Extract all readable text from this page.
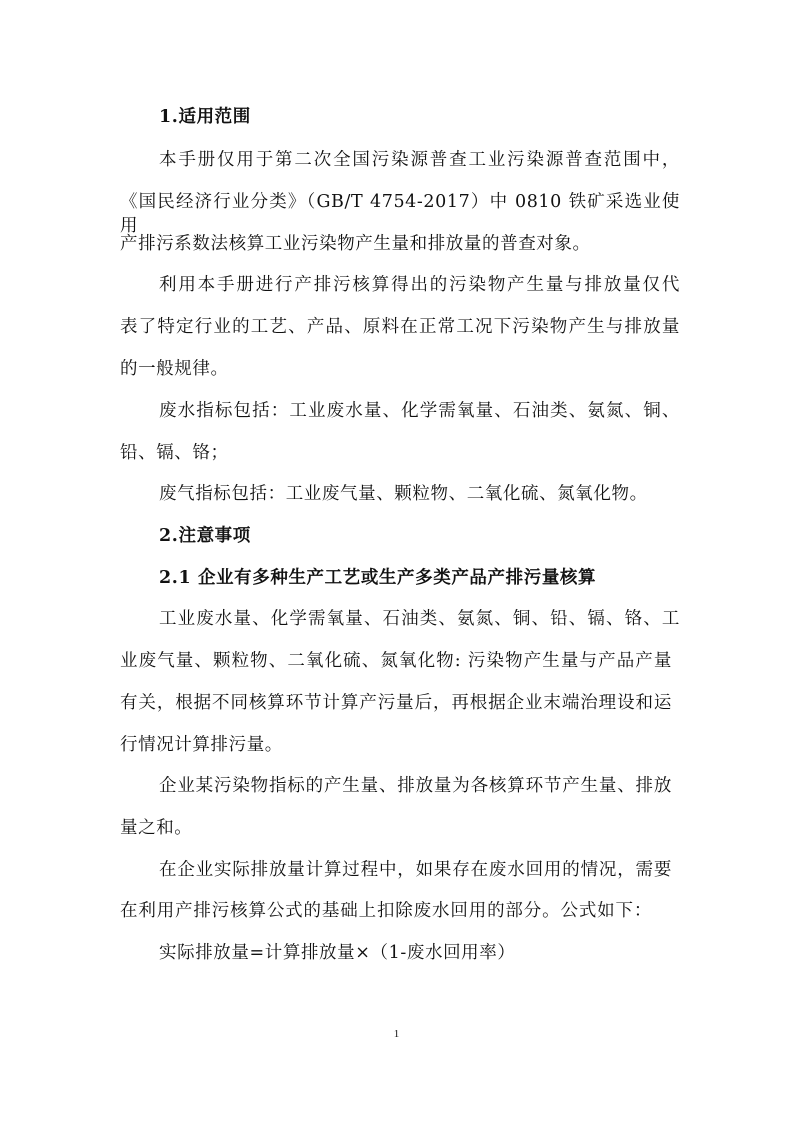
1.适用范围
本手册仅用于第二次全国污染源普查工业污染源普查范围中，
《国民经济行业分类》（GB/T 4754-2017）中 0810 铁矿采选业使用
产排污系数法核算工业污染物产生量和排放量的普查对象。
利用本手册进行产排污核算得出的污染物产生量与排放量仅代
表了特定行业的工艺、产品、原料在正常工况下污染物产生与排放量
的一般规律。
废水指标包括：工业废水量、化学需氧量、石油类、氨氮、铜、
铅、镉、铬；
废气指标包括：工业废气量、颗粒物、二氧化硫、氮氧化物。
2.注意事项
2.1 企业有多种生产工艺或生产多类产品产排污量核算
工业废水量、化学需氧量、石油类、氨氮、铜、铅、镉、铬、工
业废气量、颗粒物、二氧化硫、氮氧化物: 污染物产生量与产品产量
有关，根据不同核算环节计算产污量后，再根据企业末端治理设和运
行情况计算排污量。
企业某污染物指标的产生量、排放量为各核算环节产生量、排放
量之和。
在企业实际排放量计算过程中，如果存在废水回用的情况，需要
在利用产排污核算公式的基础上扣除废水回用的部分。公式如下：
实际排放量=计算排放量×（1-废水回用率）
1
